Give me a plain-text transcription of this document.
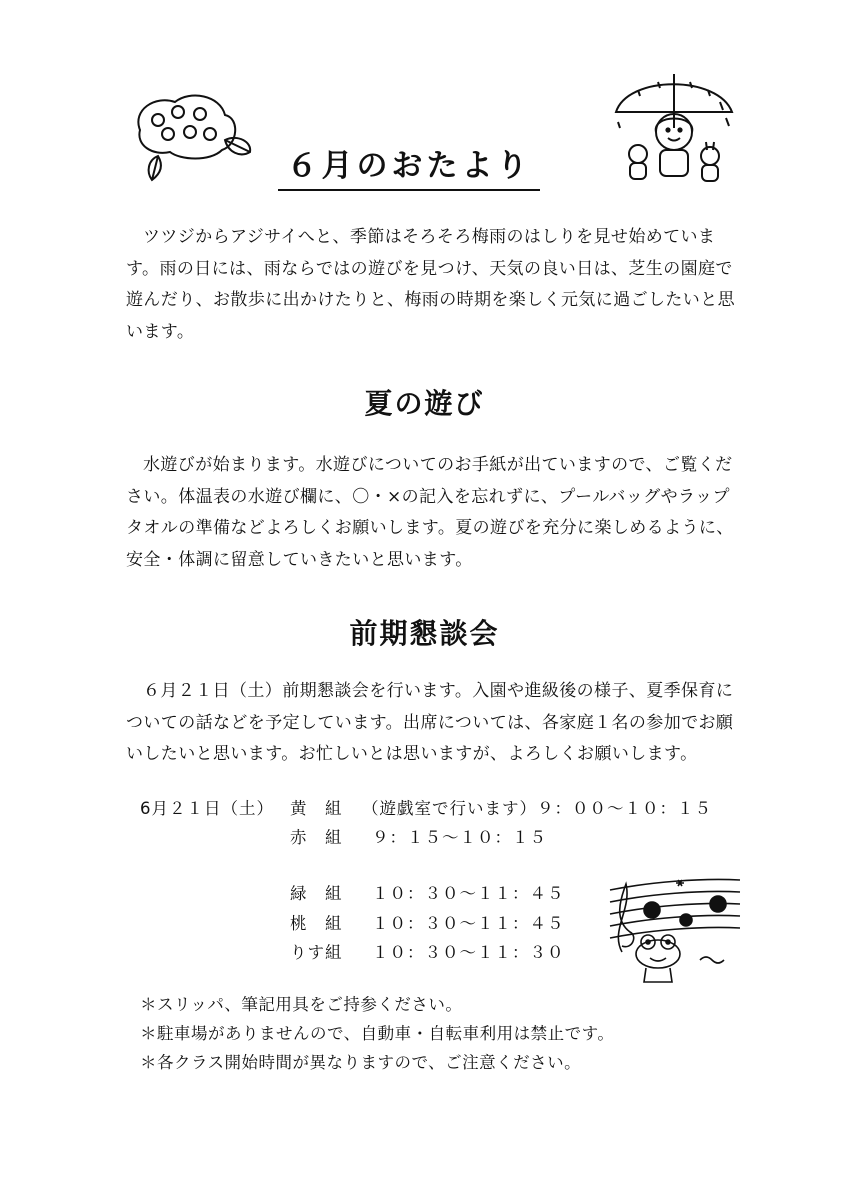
６月のおたより

ツツジからアジサイへと、季節はそろそろ梅雨のはしりを見せ始めています。雨の日には、雨ならではの遊びを見つけ、天気の良い日は、芝生の園庭で遊んだり、お散歩に出かけたりと、梅雨の時期を楽しく元気に過ごしたいと思います。

夏の遊び

水遊びが始まります。水遊びについてのお手紙が出ていますので、ご覧ください。体温表の水遊び欄に、〇・×の記入を忘れずに、プールバッグやラップタオルの準備などよろしくお願いします。夏の遊びを充分に楽しめるように、安全・体調に留意していきたいと思います。

前期懇談会

６月２１日（土）前期懇談会を行います。入園や進級後の様子、夏季保育についての話などを予定しています。出席については、各家庭１名の参加でお願いしたいと思います。お忙しいとは思いますが、よろしくお願いします。

6月２１日（土） 黄　組 （遊戯室で行います）９：００〜１０：１５
赤　組 ９：１５〜１０：１５
緑　組 １０：３０〜１１：４５
桃　組 １０：３０〜１１：４５
りす組 １０：３０〜１１：３０
＊スリッパ、筆記用具をご持参ください。
＊駐車場がありませんので、自動車・自転車利用は禁止です。
＊各クラス開始時間が異なりますので、ご注意ください。
